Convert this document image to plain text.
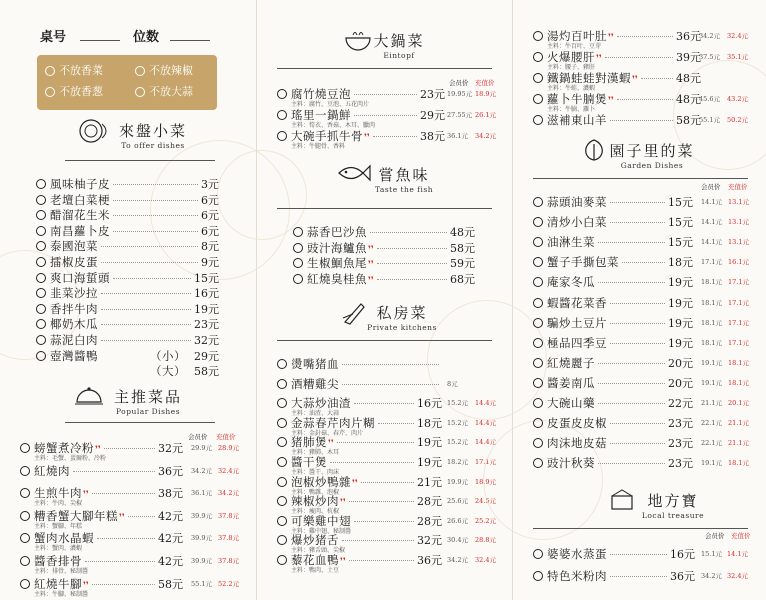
桌号	位数
不放香菜	不放辣椒
不放香葱	不放大蒜
來盤小菜
To offer dishes
風味柚子皮	3元
老壇白菜梗	6元
醋溜花生米	6元
南昌蘿卜皮	6元
泰國泡菜	8元
擂椒皮蛋	9元
爽口海蜇頭	15元
韭菜沙拉	16元
香拌牛肉	19元
椰奶木瓜	23元
蒜泥白肉	32元
壺灣醬鴨	（小） 29元
（大） 58元
主推菜品
Popular Dishes
会员价 充值价
螃蟹煮冷粉 ❜❜	32元
主料：毛蟹、蛋爾粉、冷粉
29.9元 28.9元
紅燒肉	36元 34.2元 32.4元
生煎牛肉 ❜❜	38元
主料：牛肉、尖椒
36.1元 34.2元
糟香蟹大腳年糕 ❜❜	42元
主料：蟹腳、年糕
39.9元 37.8元
蟹肉水晶蝦	42元
主料：蟹肉、濃蝦
39.9元 37.8元
醬香排骨	42元
主料：排骨、秘制醬
39.9元 37.8元
紅燒牛腳 ❜❜	58元
主料：牛腳、秘制醬
55.1元 52.2元
大鍋菜
Eintopf
会员价 充值价
腐竹燒豆泡	23元
主料：腐竹、豆泡、五花肉片
19.95元 18.9元
瑤里一鍋鮮	29元
主料：筍衣、香菇、木耳、臘肉
27.55元 26.1元
大碗手抓牛骨 ❜❜	38元
主料：牛腿骨、香料
36.1元 34.2元
嘗魚味
Taste the fish
蒜香巴沙魚	48元
豉汁海鱸魚 ❜❜	58元
生椒鮰魚尾 ❜❜	59元
紅燒臭桂魚 ❜❜	68元
私房菜
Private kitchens
燙嘴猪血
酒糟雞尖	8元
大蒜炒油渣	16元
主料：油渣、大蒜
15.2元 14.4元
金蒜春芹肉片糊	18元
主料：金針菇、春芹、肉片
15.2元 14.4元
猪肺煲 ❜❜	19元
主料：豬肺、木耳
15.2元 14.4元
醬干煲	19元
主料：醬干、肉沫
18.2元 17.1元
泡椒炒鴨雜 ❜❜	21元
主料：鴨雜、泡椒
19.9元 18.9元
辣椒炒肉 ❜❜	28元
主料：瘦肉、杭椒
25.6元 24.5元
可樂雞中翅	28元
主料：雞中翅、秘制醬
26.6元 25.2元
爆炒猪舌	32元
主料：豬舌頭、尖椒
30.4元 28.8元
藜花血鴨 ❜❜	36元
主料：鴨肉、土豆
34.2元 32.4元
湯灼百叶肚 ❜❜	36元
主料：牛百叶、豆芽
34.2元 32.4元
火爆腰肝 ❜❜	39元
主料：腰子、豬肝
37.5元 35.1元
鐵鍋蛙蛙對漢蝦 ❜❜	48元
主料：牛蛙、濃蝦
蘿卜牛腩煲 ❜❜	48元
主料：牛腩、蘿卜
45.6元 43.2元
滋補東山羊	58元
55.1元 50.2元
園子里的菜
Garden Dishes
会员价 充值价
蒜頭油麥菜	15元 14.1元 13.1元
清炒小白菜	15元 14.1元 13.1元
油淋生菜	15元 14.1元 13.1元
蟹子手撕包菜	18元 17.1元 16.1元
庵家冬瓜	19元 18.1元 17.1元
蝦醬花菜香	19元 18.1元 17.1元
騙炒土豆片	19元 18.1元 17.1元
極品四季豆	19元 18.1元 17.1元
紅燒麗子	20元 19.1元 18.1元
醬姜南瓜	20元 19.1元 18.1元
大碗山藥	22元 21.1元 20.1元
皮蛋皮皮椒	23元 22.1元 21.1元
肉沫地皮菇	23元 22.1元 21.1元
豉汁秋葵	23元 19.1元 18.1元
地方寶
Local treasure
会员价 充值价
婆婆水蒸蛋	16元 15.1元 14.1元
特色米粉肉	36元 34.2元 32.4元
